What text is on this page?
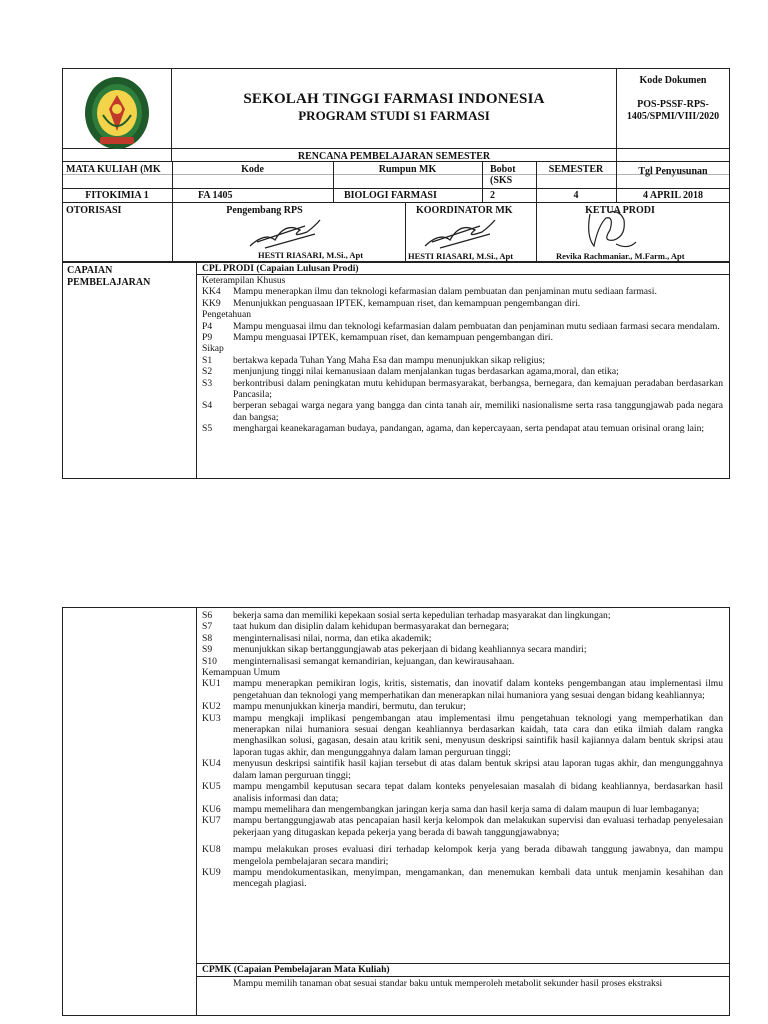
SEKOLAH TINGGI FARMASI INDONESIA
PROGRAM STUDI S1 FARMASI
Kode Dokumen
POS-PSSF-RPS-1405/SPMI/VIII/2020
RENCANA PEMBELAJARAN SEMESTER
MATA KULIAH (MK	Kode	Rumpun MK	Bobot (SKS
SEMESTER	Tgl Penyusunan
FITOKIMIA 1	FA 1405	BIOLOGI FARMASI	2	4	4 APRIL 2018
OTORISASI	Pengembang RPS	KOORDINATOR MK	KETUA PRODI
HESTI RIASARI, M.Si., Apt	HESTI RIASARI, M.Si., Apt	Revika Rachmaniar., M.Farm., Apt
CAPAIAN
PEMBELAJARAN
CPL PRODI (Capaian Lulusan Prodi)
Keterampilan Khusus
KK4	Mampu menerapkan ilmu dan teknologi kefarmasian dalam pembuatan dan penjaminan mutu sediaan farmasi.
KK9	Menunjukkan penguasaan IPTEK, kemampuan riset, dan kemampuan pengembangan diri.
Pengetahuan
P4	Mampu menguasai ilmu dan teknologi kefarmasian dalam pembuatan dan penjaminan mutu sediaan farmasi secara mendalam.
P9	Mampu menguasai IPTEK, kemampuan riset, dan kemampuan pengembangan diri.
Sikap
S1	bertakwa kepada Tuhan Yang Maha Esa dan mampu menunjukkan sikap religius;
S2	menjunjung tinggi nilai kemanusiaan dalam menjalankan tugas berdasarkan agama,moral, dan etika;
S3	berkontribusi dalam peningkatan mutu kehidupan bermasyarakat, berbangsa, bernegara, dan kemajuan peradaban berdasarkan Pancasila;
S4	berperan sebagai warga negara yang bangga dan cinta tanah air, memiliki nasionalisme serta rasa tanggungjawab pada negara dan bangsa;
S5	menghargai keanekaragaman budaya, pandangan, agama, dan kepercayaan, serta pendapat atau temuan orisinal orang lain;
S6	bekerja sama dan memiliki kepekaan sosial serta kepedulian terhadap masyarakat dan lingkungan;
S7	taat hukum dan disiplin dalam kehidupan bermasyarakat dan bernegara;
S8	menginternalisasi nilai, norma, dan etika akademik;
S9	menunjukkan sikap bertanggungjawab atas pekerjaan di bidang keahliannya secara mandiri;
S10	menginternalisasi semangat kemandirian, kejuangan, dan kewirausahaan.
Kemampuan Umum
KU1	mampu menerapkan pemikiran logis, kritis, sistematis, dan inovatif dalam konteks pengembangan atau implementasi ilmu pengetahuan dan teknologi yang memperhatikan dan menerapkan nilai humaniora yang sesuai dengan bidang keahliannya;
KU2	mampu menunjukkan kinerja mandiri, bermutu, dan terukur;
KU3	mampu mengkaji implikasi pengembangan atau implementasi ilmu pengetahuan teknologi yang memperhatikan dan menerapkan nilai humaniora sesuai dengan keahliannya berdasarkan kaidah, tata cara dan etika ilmiah dalam rangka menghasilkan solusi, gagasan, desain atau kritik seni, menyusun deskripsi saintifik hasil kajiannya dalam bentuk skripsi atau laporan tugas akhir, dan mengunggahnya dalam laman perguruan tinggi;
KU4	menyusun deskripsi saintifik hasil kajian tersebut di atas dalam bentuk skripsi atau laporan tugas akhir, dan mengunggahnya dalam laman perguruan tinggi;
KU5	mampu mengambil keputusan secara tepat dalam konteks penyelesaian masalah di bidang keahliannya, berdasarkan hasil analisis informasi dan data;
KU6	mampu memelihara dan mengembangkan jaringan kerja sama dan hasil kerja sama di dalam maupun di luar lembaganya;
KU7	mampu bertanggungjawab atas pencapaian hasil kerja kelompok dan melakukan supervisi dan evaluasi terhadap penyelesaian pekerjaan yang ditugaskan kepada pekerja yang berada di bawah tanggungjawabnya;
KU8	mampu melakukan proses evaluasi diri terhadap kelompok kerja yang berada dibawah tanggung jawabnya, dan mampu mengelola pembelajaran secara mandiri;
KU9	mampu mendokumentasikan, menyimpan, mengamankan, dan menemukan kembali data untuk menjamin kesahihan dan mencegah plagiasi.
CPMK (Capaian Pembelajaran Mata Kuliah)
Mampu memilih tanaman obat sesuai standar baku untuk memperoleh metabolit sekunder hasil proses ekstraksi
